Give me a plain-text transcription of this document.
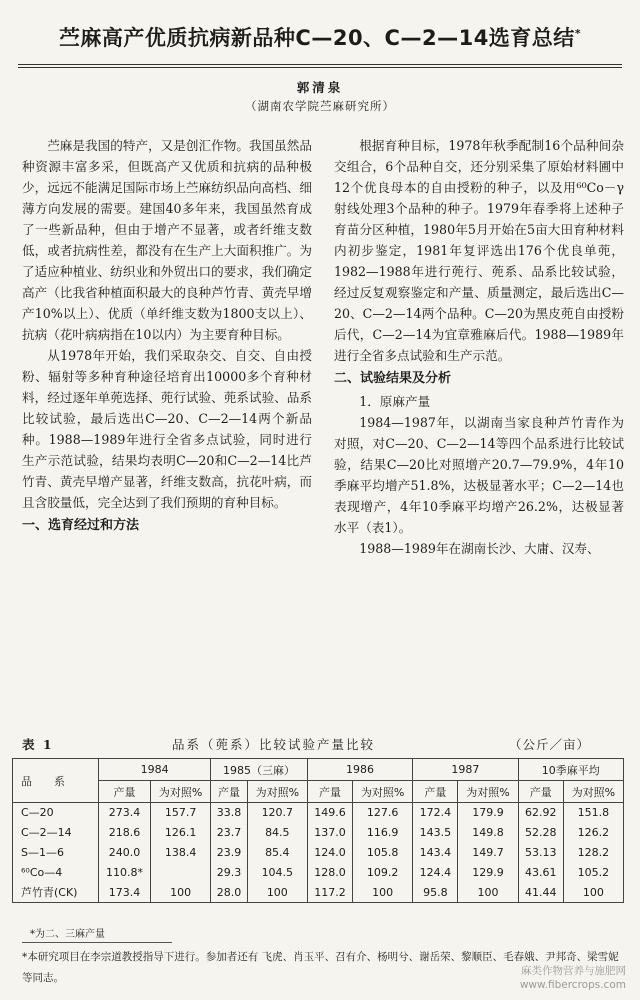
苎麻高产优质抗病新品种C—20、C—2—14选育总结*
郭清泉
（湖南农学院苎麻研究所）

苎麻是我国的特产，又是创汇作物。我国虽然品种资源丰富多采，但既高产又优质和抗病的品种极少，远远不能满足国际市场上苎麻纺织品向高档、细薄方向发展的需要。建国40多年来，我国虽然育成了一些新品种，但由于增产不显著，或者纤维支数低，或者抗病性差，都没有在生产上大面积推广。为了适应种植业、纺织业和外贸出口的要求，我们确定高产（比我省种植面积最大的良种芦竹青、黄壳早增产10%以上）、优质（单纤维支数为1800支以上）、抗病（花叶病病指在10以内）为主要育种目标。

从1978年开始，我们采取杂交、自交、自由授粉、辐射等多种育种途径培育出10000多个育种材料，经过逐年单蔸选择、蔸行试验、蔸系试验、品系比较试验，最后选出C—20、C—2—14两个新品种。1988—1989年进行全省多点试验，同时进行生产示范试验，结果均表明C—20和C—2—14比芦竹青、黄壳早增产显著，纤维支数高，抗花叶病，而且含胶量低，完全达到了我们预期的育种目标。

一、选育经过和方法

根据育种目标，1978年秋季配制16个品种间杂交组合，6个品种自交，还分别采集了原始材料圃中12个优良母本的自由授粉的种子，以及用⁶⁰Co－γ射线处理3个品种的种子。1979年春季将上述种子育苗分区种植，1980年5月开始在5亩大田育种材料内初步鉴定，1981年复评选出176个优良单蔸，1982—1988年进行蔸行、蔸系、品系比较试验，经过反复观察鉴定和产量、质量测定，最后选出C—20、C—2—14两个品种。C—20为黑皮蔸自由授粉后代，C—2—14为宜章雅麻后代。1988—1989年进行全省多点试验和生产示范。

二、试验结果及分析
1．原麻产量

1984—1987年，以湖南当家良种芦竹青作为对照，对C—20、C—2—14等四个品系进行比较试验，结果C—20比对照增产20.7—79.9%，4年10季麻平均增产51.8%，达极显著水平；C—2—14也表现增产，4年10季麻平均增产26.2%，达极显著水平（表1）。

1988—1989年在湖南长沙、大庸、汉寿、

表 1	品系（蔸系）比较试验产量比较	（公斤／亩）
品　　系	1984		1985（三麻）		1986		1987		10季麻平均	
	产量	为对照%	产量	为对照%	产量	为对照%	产量	为对照%	产量	为对照%
C—20	273.4	157.7	33.8	120.7	149.6	127.6	172.4	179.9	62.92	151.8
C—2—14	218.6	126.1	23.7	84.5	137.0	116.9	143.5	149.8	52.28	126.2
S—1—6	240.0	138.4	23.9	85.4	124.0	105.8	143.4	149.7	53.13	128.2
⁶⁰Co—4	110.8*		29.3	104.5	128.0	109.2	124.4	129.9	43.61	105.2
芦竹青(CK)	173.4	100	28.0	100	117.2	100	95.8	100	41.44	100
*为二、三麻产量
*本研究项目在李宗道教授指导下进行。参加者还有 飞虎、肖玉平、召有介、杨明兮、谢岳荣、黎顺臣、毛春娥、尹邦奇、梁雪妮等同志。
麻类作物营养与施肥网
www.fibercrops.com
